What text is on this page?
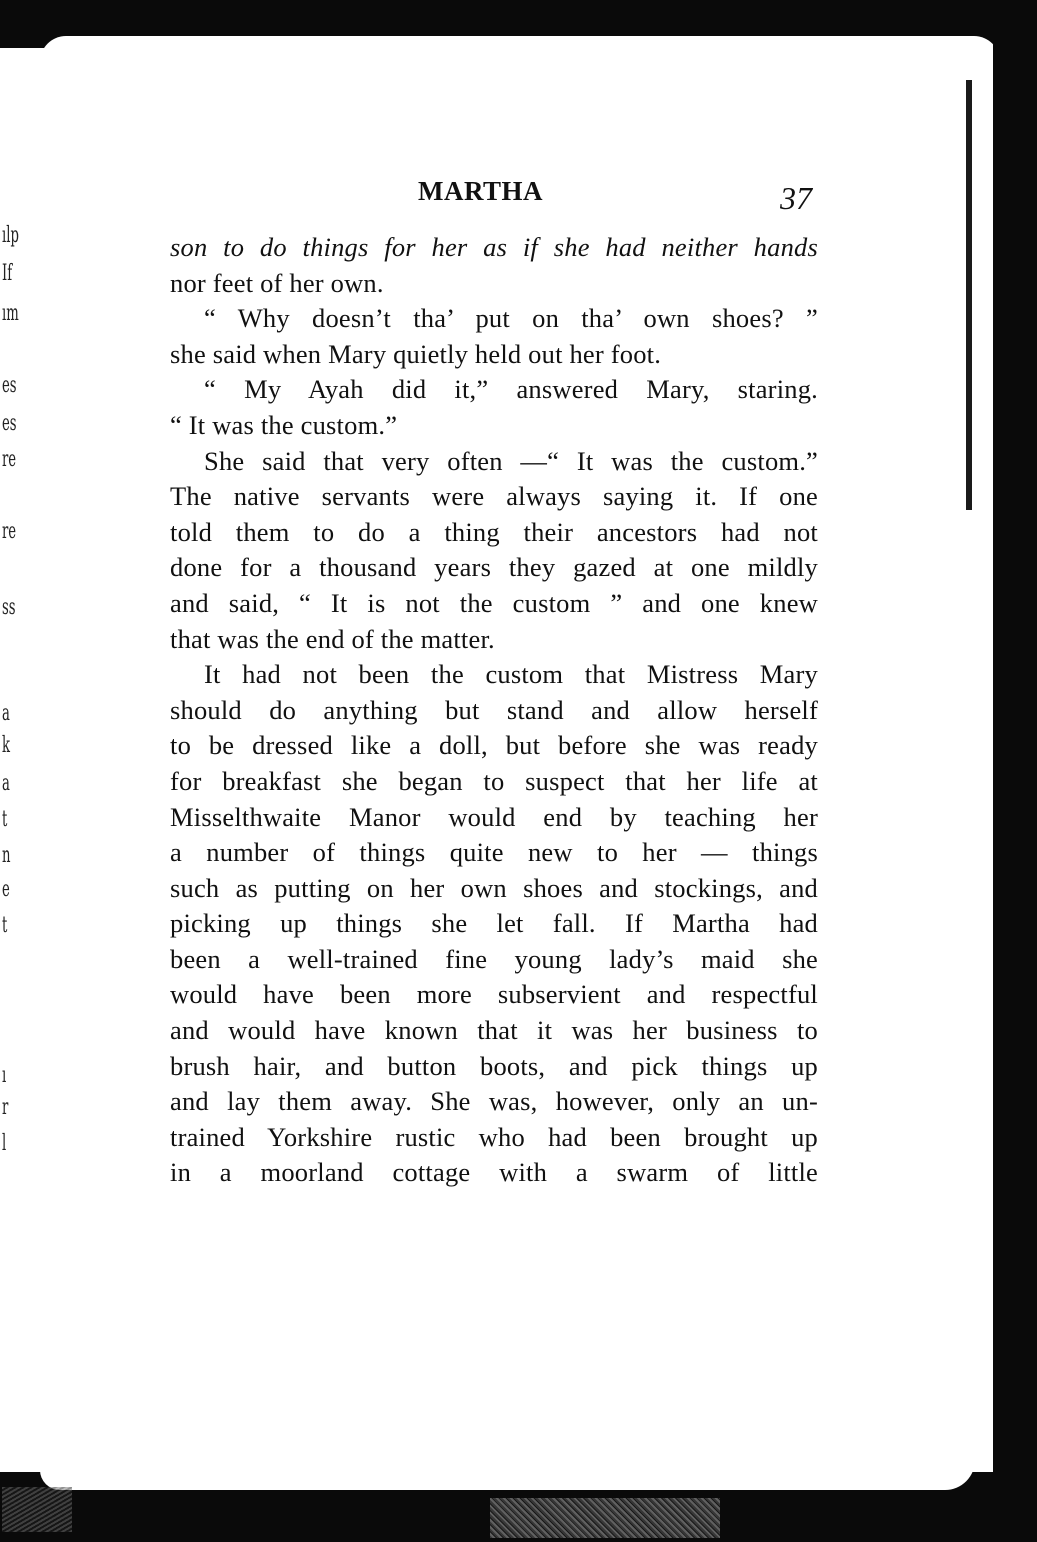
ılp
If
ım
es
es
re
re
ss
a
k
a
t
n
e
t
ı
r
l
MARTHA	37
son to do things for her as if she had neither hands
nor feet of her own.
“ Why doesn’t tha’ put on tha’ own shoes? ”
she said when Mary quietly held out her foot.
“ My Ayah did it,” answered Mary, staring.
“ It was the custom.”
She said that very often —“ It was the custom.”
The native servants were always saying it. If one
told them to do a thing their ancestors had not
done for a thousand years they gazed at one mildly
and said, “ It is not the custom ” and one knew
that was the end of the matter.
It had not been the custom that Mistress Mary
should do anything but stand and allow herself
to be dressed like a doll, but before she was ready
for breakfast she began to suspect that her life at
Misselthwaite Manor would end by teaching her
a number of things quite new to her — things
such as putting on her own shoes and stockings, and
picking up things she let fall. If Martha had
been a well-trained fine young lady’s maid she
would have been more subservient and respectful
and would have known that it was her business to
brush hair, and button boots, and pick things up
and lay them away. She was, however, only an un-
trained Yorkshire rustic who had been brought up
in a moorland cottage with a swarm of little
